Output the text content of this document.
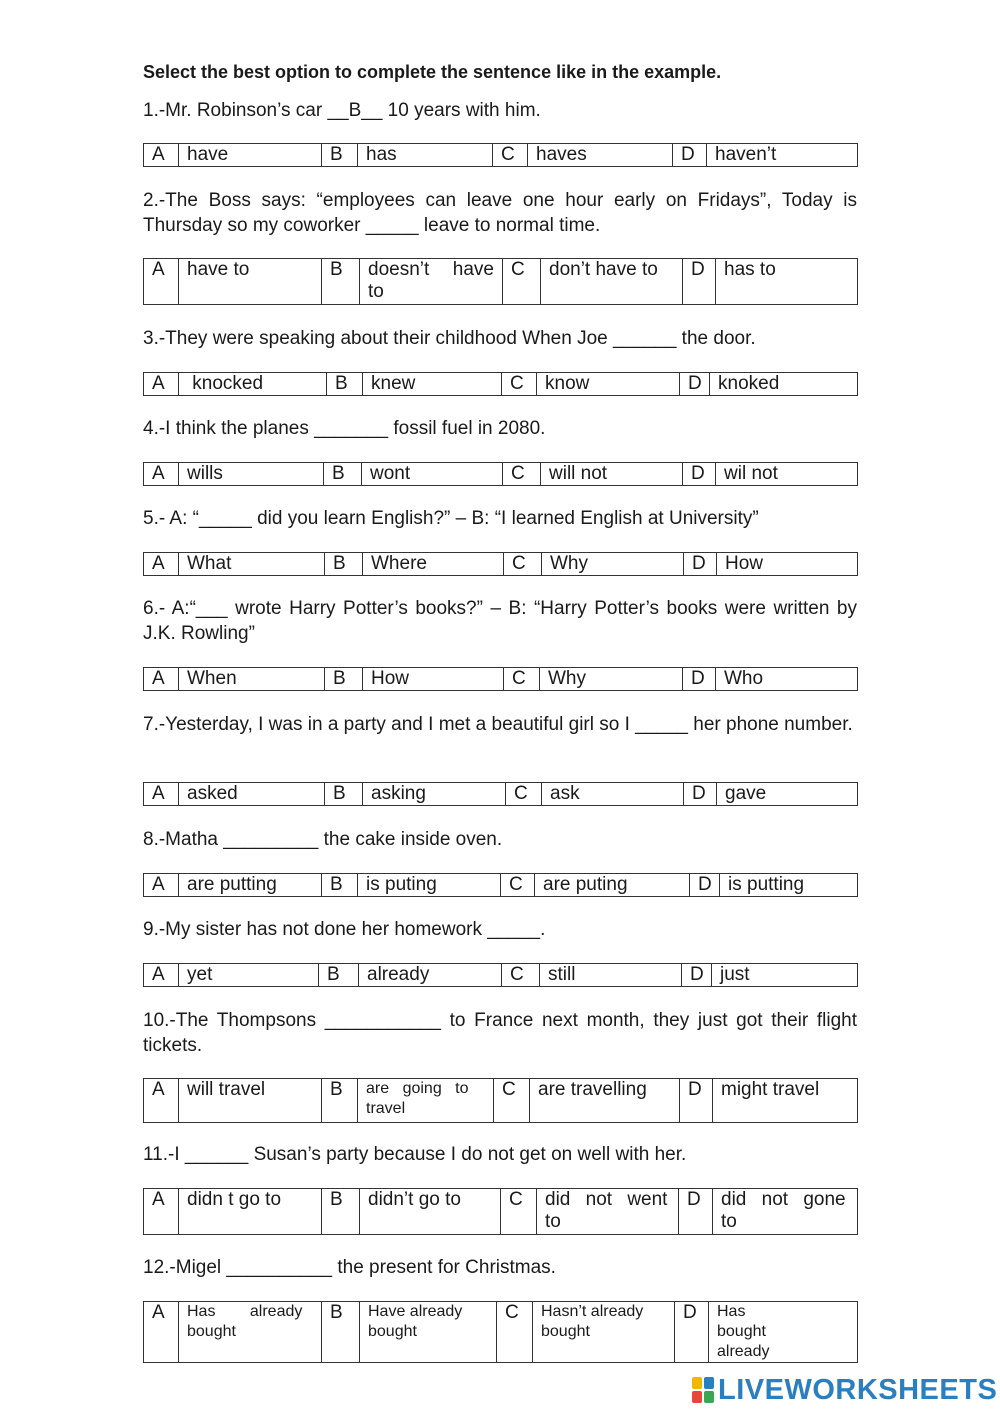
Select the best option to complete the sentence like in the example.
1.-Mr. Robinson’s car __B__ 10 years with him.
A	have	B	has	C	haves	D	haven’t
2.-The Boss says: “employees can leave one hour early on Fridays”, Today is Thursday so my coworker _____ leave to normal time.
A	have to	B	doesn’t have to	C	don’t have to	D	has to
3.-They were speaking about their childhood When Joe ______ the door.
A	knocked	B	knew	C	know	D	knoked
4.-I think the planes _______ fossil fuel in 2080.
A	wills	B	wont	C	will not	D	wil not
5.- A: “_____ did you learn English?” – B: “I learned English at University”
A	What	B	Where	C	Why	D	How
6.- A:“___ wrote Harry Potter’s books?” – B: “Harry Potter’s books were written by J.K. Rowling”
A	When	B	How	C	Why	D	Who
7.-Yesterday, I was in a party and I met a beautiful girl so I _____ her phone number.
A	asked	B	asking	C	ask	D	gave
8.-Matha _________ the cake inside oven.
A	are putting	B	is puting	C	are puting	D	is putting
9.-My sister has not done her homework _____.
A	yet	B	already	C	still	D	just
10.-The Thompsons ___________ to France next month, they just got their flight tickets.
A	will travel	B	are going to travel	C	are travelling	D	might travel
11.-I ______ Susan’s party because I do not get on well with her.
A	didn t go to	B	didn’t go to	C	did not went to	D	did not gone to
12.-Migel __________ the present for Christmas.
A	Has already bought	B	Have already bought	C	Hasn’t already bought	D	Has bought already
LIVEWORKSHEETS
